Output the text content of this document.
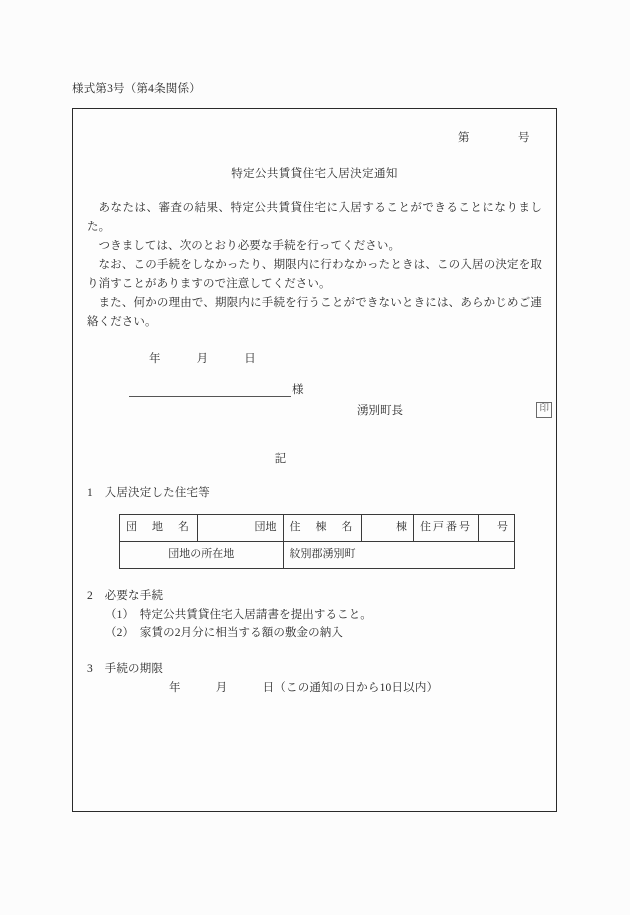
様式第3号（第4条関係）
第　　　　号
特定公共賃貸住宅入居決定通知

あなたは、審査の結果、特定公共賃貸住宅に入居することができることになりました。

つきましては、次のとおり必要な手続を行ってください。

なお、この手続をしなかったり、期限内に行わなかったときは、この入居の決定を取り消すことがありますので注意してください。

また、何かの理由で、期限内に手続を行うことができないときには、あらかじめご連絡ください。

年　　　月　　　日
様
湧別町長	印
記
1　入居決定した住宅等
団　地　名	団地	住　棟　名	棟	住戸番号	号
団地の所在地		紋別郡湧別町			
2　必要な手続
（1）　特定公共賃貸住宅入居請書を提出すること。
（2）　家賃の2月分に相当する額の敷金の納入
3　手続の期限
年　　　月　　　日（この通知の日から10日以内）
